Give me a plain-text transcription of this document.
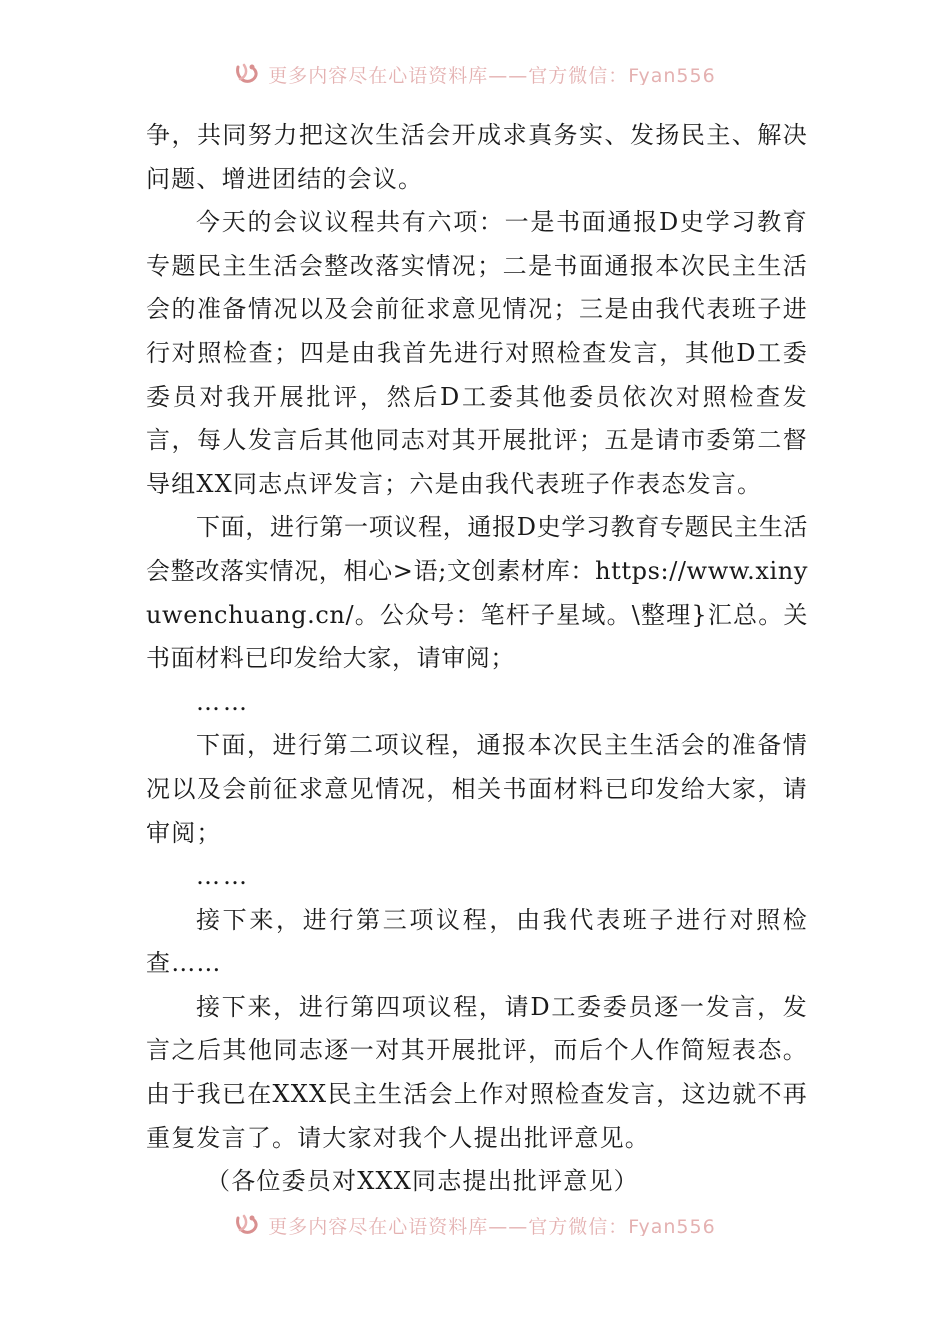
更多内容尽在心语资料库——官方微信：Fyan556

争，共同努力把这次生活会开成求真务实、发扬民主、解决问题、增进团结的会议。

今天的会议议程共有六项：一是书面通报D史学习教育专题民主生活会整改落实情况；二是书面通报本次民主生活会的准备情况以及会前征求意见情况；三是由我代表班子进行对照检查；四是由我首先进行对照检查发言，其他D工委委员对我开展批评，然后D工委其他委员依次对照检查发言，每人发言后其他同志对其开展批评；五是请市委第二督导组XX同志点评发言；六是由我代表班子作表态发言。

下面，进行第一项议程，通报D史学习教育专题民主生活会整改落实情况，相心>语;文创素材库：https://www.xinyuwenchuang.cn/。公众号：笔杆子星域。\整理}汇总。关书面材料已印发给大家，请审阅；

……

下面，进行第二项议程，通报本次民主生活会的准备情况以及会前征求意见情况，相关书面材料已印发给大家，请审阅；

……

接下来，进行第三项议程，由我代表班子进行对照检查……

接下来，进行第四项议程，请D工委委员逐一发言，发言之后其他同志逐一对其开展批评，而后个人作简短表态。由于我已在XXX民主生活会上作对照检查发言，这边就不再重复发言了。请大家对我个人提出批评意见。

（各位委员对XXX同志提出批评意见）

更多内容尽在心语资料库——官方微信：Fyan556
